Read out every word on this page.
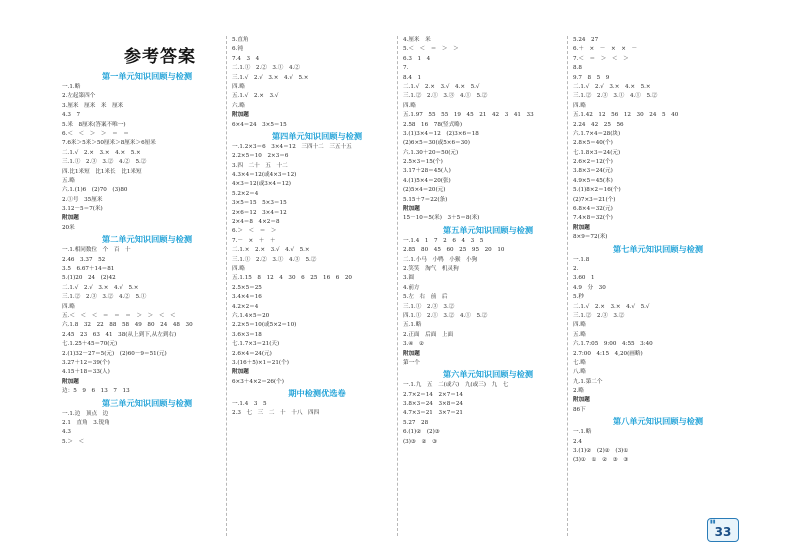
参考答案
第一单元知识回顾与检测
一.1.略
2.左起第四个
3.厘米　厘米　米　厘米
4.3　7
5.米　8厘米(答案不唯一)
6.＜　＜　＞　＞　＝　＝
7.6米＞5米＞50厘米＞8厘米＞6厘米
二.1.√　2.×　3.×　4.×　5.×
三.1.①　2.③　3.②　4.②　5.②
四.比1米短　比1米长　比1米短
五.略
六.1.(1)6　(2)70　(3)80
2.①号　35厘米
3.12－5＝7(米)
附加题
20米
第二单元知识回顾与检测
一.1.相同数位　个　百　十
2.46　3.37　52
3.5　6.67＋14＝81
5.(1)20　24　(2)42
二.1.√　2.√　3.×　4.√　5.×
三.1.②　2.③　3.②　4.②　5.①
四.略
五.＜　＜　＜　＝　＝　＝　＞　＞　＜　＜
六.1.8　32　22　88　58　49　80　24　48　30
2.45　23　63　41　38(从上到下,从左到右)
七.1.25＋45＝70(元)
2.(1)32－27＝5(元)　(2)60－9＝51(元)
3.27＋12＝39(个)
4.15＋18＝33(人)
附加题
边：5　9　6　13　7　13
第三单元知识回顾与检测
一.1.边　顶点　边
2.1　直角　3.锐角
4.3
5.＞　＜
5.直角
6.钝
7.4　3　4
二.1.①　2.②　3.①　4.②
三.1.√　2.√　3.×　4.√　5.×
四.略
五.1.√　2.×　3.√
六.略
附加题
6×4＝24　3×5＝15
第四单元知识回顾与检测
一.1.2×3＝6　3×4＝12　三四十二　三五十五
2.2×5＝10　2×3＝6
3.四　二十　五　十二
4.3×4＝12(或4×3＝12)
4×3＝12(或3×4＝12)
5.2×2＝4
3×5＝15　5×3＝15
2×6＝12　3×4＝12
2×4＝8　4×2＝8
6.＞　＜　＝　＞
7.－　×　＋　＋
二.1.×　2.×　3.√　4.√　5.×
三.1.①　2.②　3.①　4.③　5.②
四.略
五.1.15　8　12　4　30　6　25　16　6　20
2.5×5＝25
3.4×4＝16
4.2×2＝4
六.1.4×5＝20
2.2×5＝10(或5×2＝10)
3.6×3＝18
七.1.7×3＝21(天)
2.6×4＝24(元)
3.(16＋5)×1＝21(个)
附加题
6×3＋4×2＝26(个)
期中检测优选卷
一.1.4　3　5
2.3　七　三　二　十　十八　四四
4.厘米　米
5.＜　＜　＝　＞　＞
6.3　1　4
7.　　　
8.4　1
二.1.√　2.×　3.√　4.×　5.√
三.1.②　2.①　3.③　4.①　5.②
四.略
五.1.97　55　55　19　45　21　42　3　41　33
2.58　16　78(竖式略)
3.(1)3×4＝12　(2)3×6＝18
(2)6×5＝30(或5×6＝30)
六.1.30＋20＝50(元)
2.5×3＝15(个)
3.17＋28＝45(人)
4.(1)5×4＝20(张)
(2)5×4＝20(元)
5.15＋7＝22(条)
附加题
15－10＝5(米)　3＋5＝8(米)
第五单元知识回顾与检测
一.1.4　1　7　2　6　4　3　5
2.85　80　45　60　25　95　20　10
二.1.小马　小鸭　小猴　小狗
2.笑笑　淘气　机灵狗
3.圆
4.前方
5.左　右　前　后
三.1.①　2.③　3.②
四.1.①　2.①　3.②　4.①　5.②
五.1.略
2.正面　后面　上面
3.④　②
附加题
第一个
第六单元知识回顾与检测
一.1.九　五　二(或六)　九(或三)　九　七
2.7×2＝14　2×7＝14
3.8×3＝24　3×8＝24
4.7×3＝21　3×7＝21
5.27　28
6.(1)②　(2)③
(3)③　②　③
5.24　27
6.＋　×　－　×　×　－
7.＜　＝　＞　＜　＞
8.8
9.7　8　5　9
二.1.√　2.√　3.×　4.×　5.×
三.1.②　2.③　3.①　4.①　5.②
四.略
五.1.42　12　56　12　30　24　5　40
2.24　42　25　56
六.1.7×4＝28(块)
2.8×5＝40(个)
七.1.8×3＝24(元)
2.6×2＝12(个)
3.8×3＝24(元)
4.9×5＝45(本)
5.(1)8×2＝16(个)
(2)7×3＝21(个)
6.8×4＝32(元)
7.4×8＝32(个)
附加题
8×9＝72(米)
第七单元知识回顾与检测
一.1.8
2.　
3.60　1
4.9　分　30
5.秒
二.1.√　2.×　3.×　4.√　5.√
三.1.②　2.③　3.②
四.略
五.略
六.1.7:05　9:00　4:55　3:40
2.7:00　4:15　4,20(画略)
七.略
八.略
九.1.第二个
2.略
附加题
86下
第八单元知识回顾与检测
一.1.略
2.4
3.(1)②　(2)②　(3)①
(3)①　①　②　③　③
▮▮
33
